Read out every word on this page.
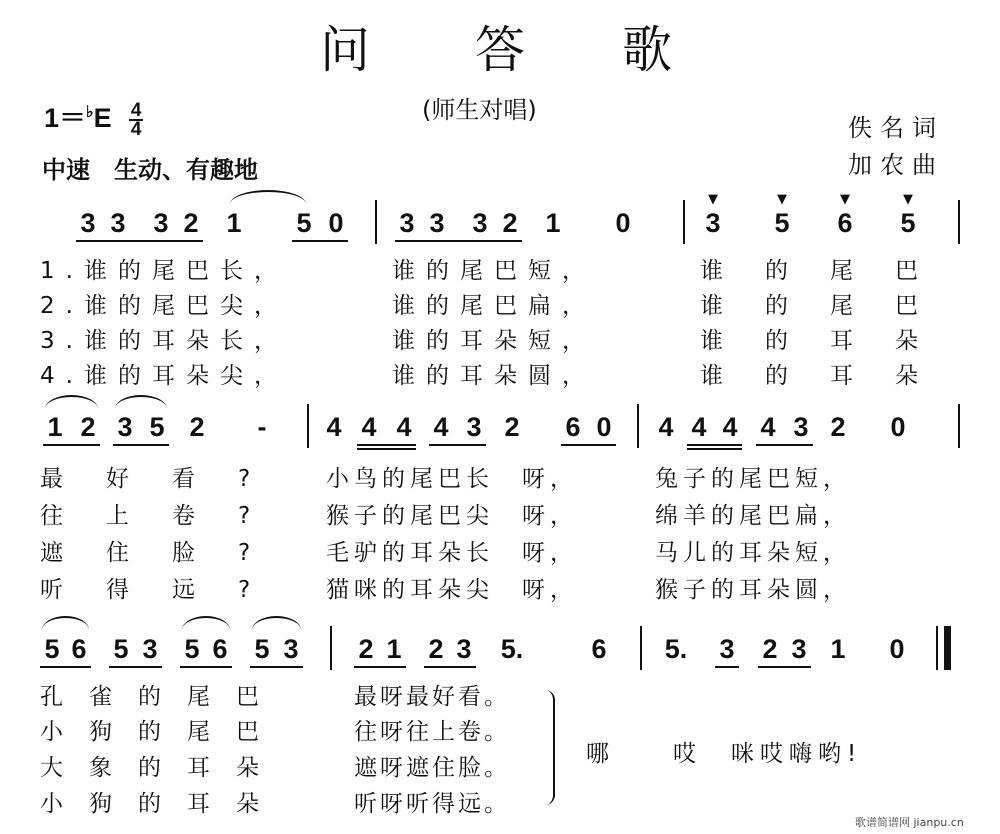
问 答 歌
(师生对唱)
$1=^♭E \frac{4}{4}$
中速　生动、有趣地
佚名词
加农曲
3 3 3 2 1 5 0 3 3 3 2 1 0	3 5 6 5
▼	▼	▼	▼
1.谁的尾巴长，	谁的尾巴短，	谁的尾巴
2.谁的尾巴尖，	谁的尾巴扁，	谁的尾巴
3.谁的耳朵长，	谁的耳朵短，	谁的耳朵
4.谁的耳朵尖，	谁的耳朵圆，	谁的耳朵
1 2 3 5 2 - 4 4 4 4 3 2 6 0 4 4 4 4 3 2 0
最好看? 小鸟的尾巴长　呀，	兔子的尾巴短，
往上卷? 猴子的尾巴尖　呀，	绵羊的尾巴扁，
遮住脸? 毛驴的耳朵长　呀，	马儿的耳朵短，
听得远? 猫咪的耳朵尖　呀，	猴子的耳朵圆，
5 6 5 3 5 6 5 3 2 1 2 3 5.	6 5. 3 2 3 1 0
孔雀的尾巴	最呀最好看。
小狗的尾巴	往呀往上卷。
大象的耳朵	遮呀遮住脸。
小狗的耳朵	听呀听得远。
哪　　哎　咪哎嗨哟!
歌谱简谱网 jianpu.cn
